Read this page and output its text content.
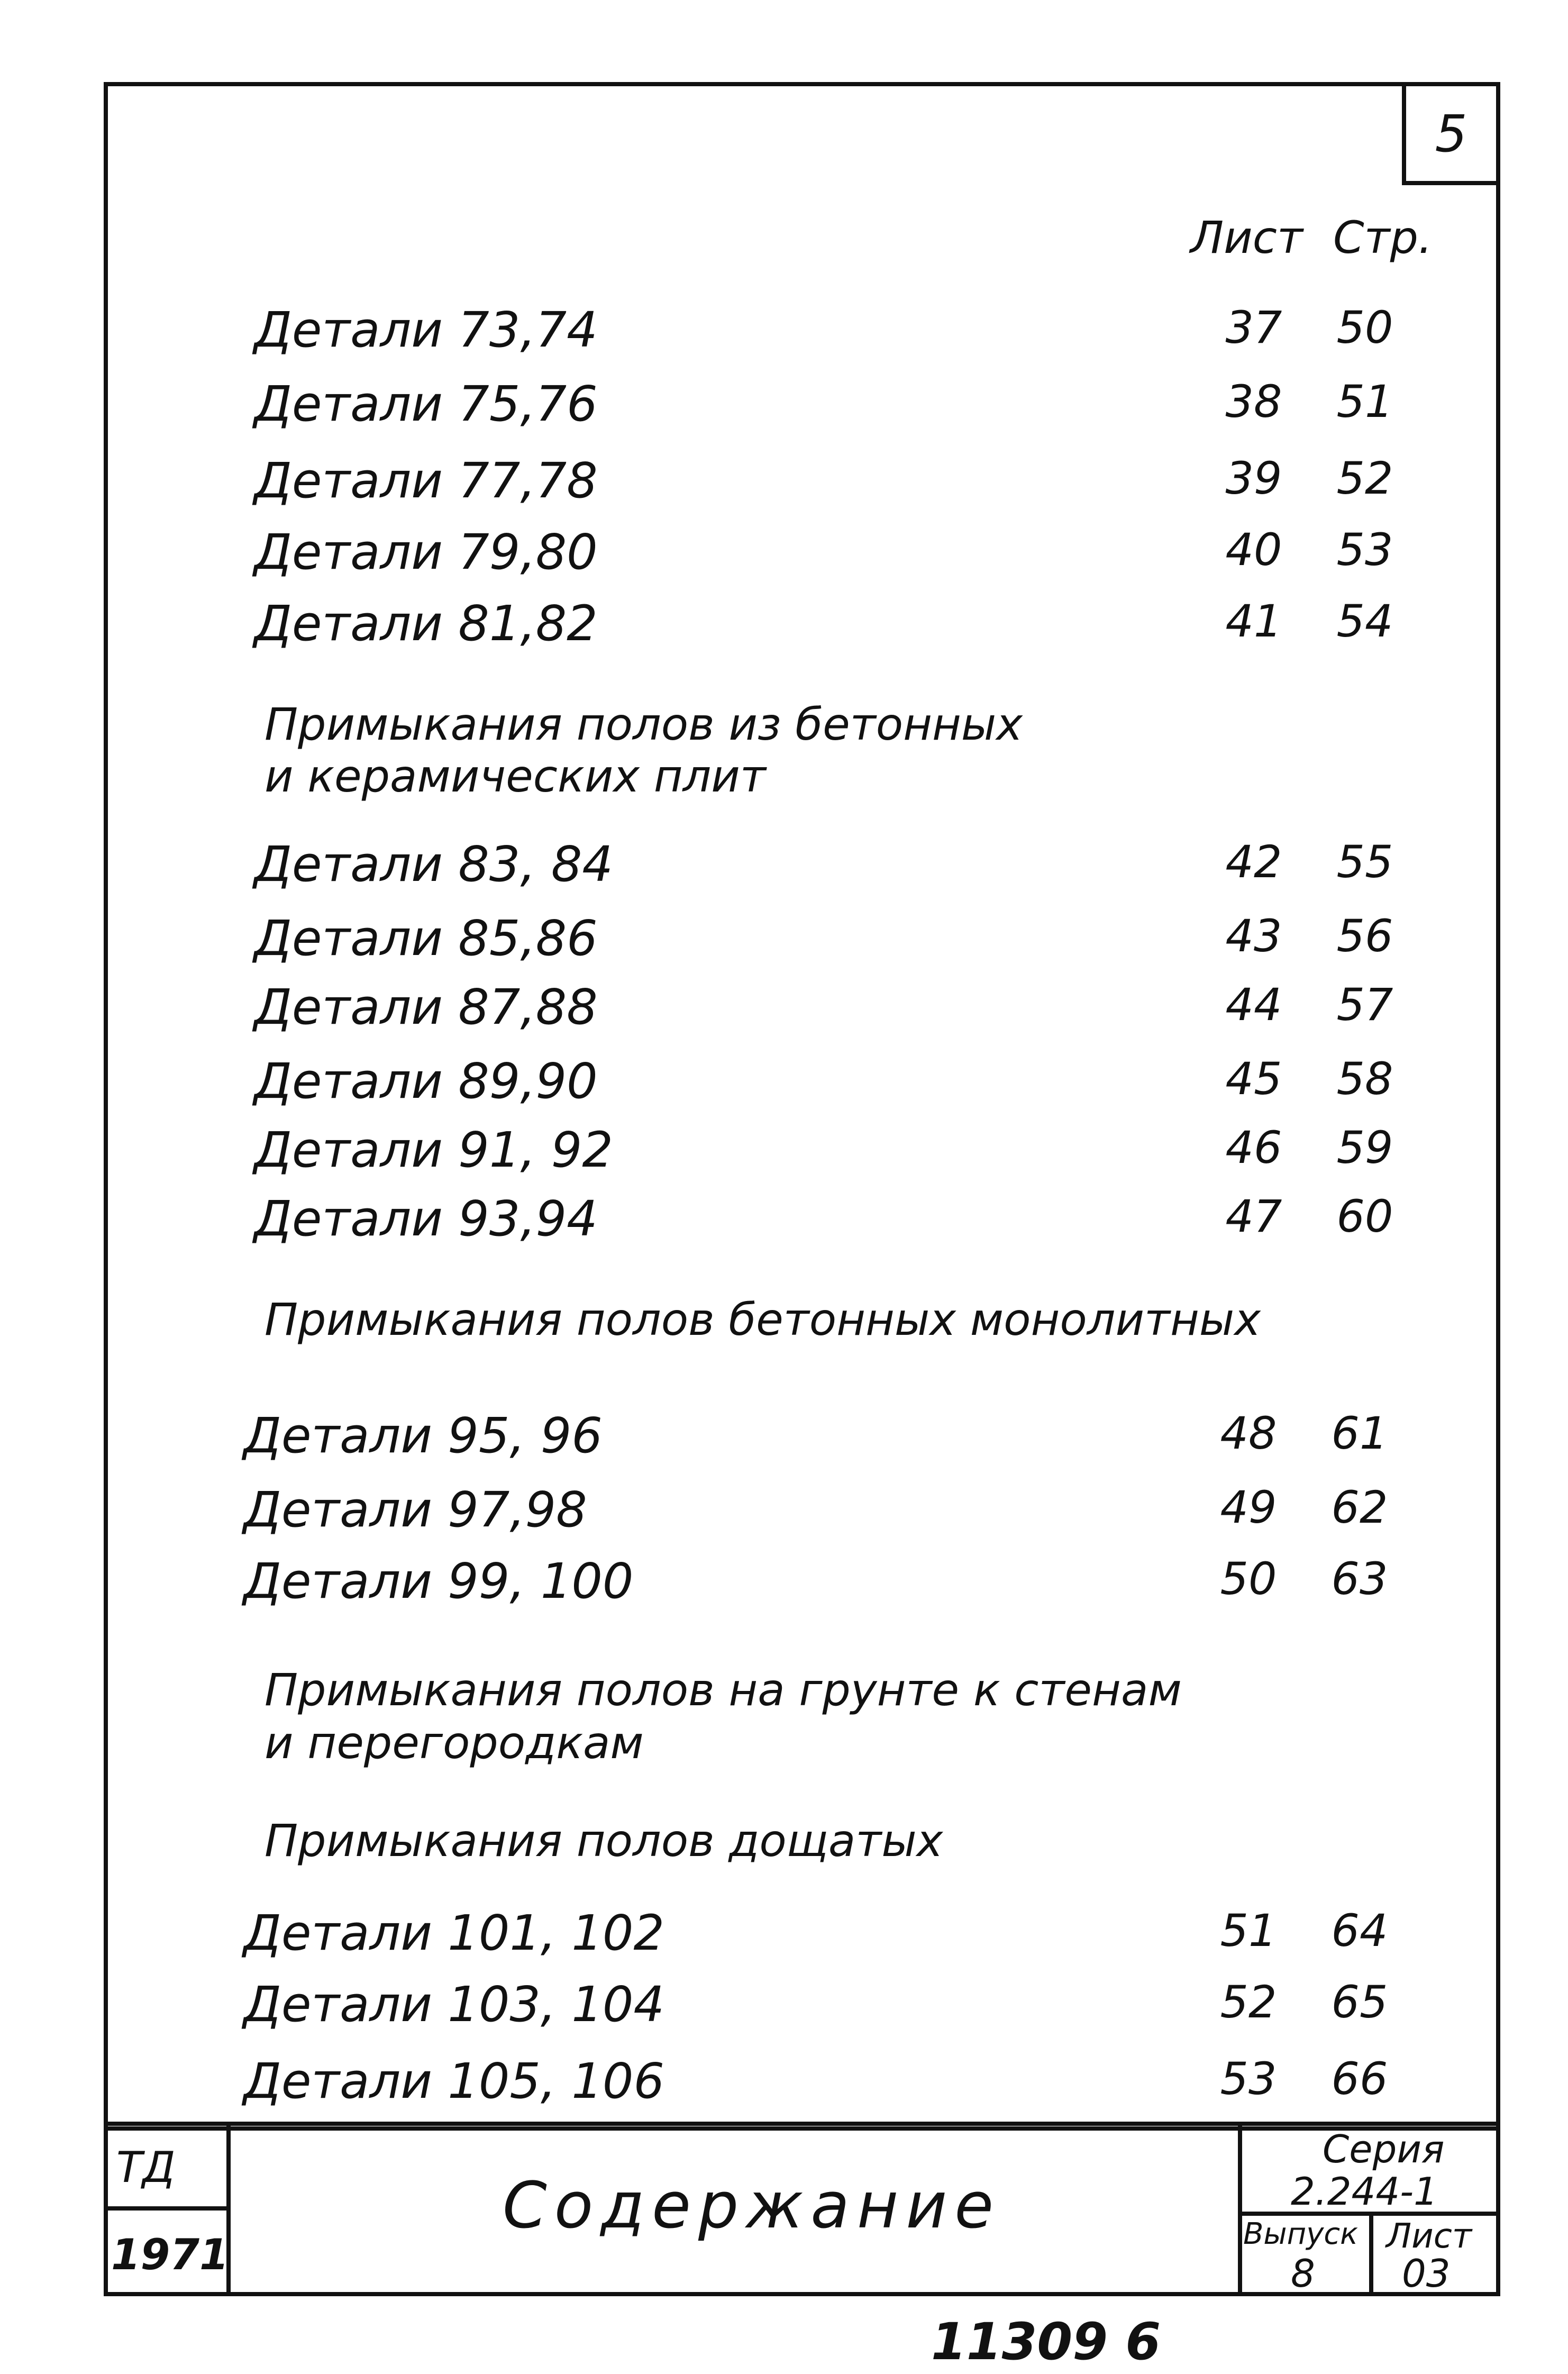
5
Лист Стр.
Детали 73,74	37	50
Детали 75,76	38	51
Детали 77,78	39	52
Детали 79,80	40	53
Детали 81,82	41	54
Примыкания полов из бетонных
и керамических плит
Детали 83, 84	42	55
Детали 85,86	43	56
Детали 87,88	44	57
Детали 89,90	45	58
Детали 91, 92	46	59
Детали 93,94	47	60
Примыкания полов бетонных монолитных
Детали 95, 96	48	61
Детали 97,98	49	62
Детали 99, 100	50	63
Примыкания полов на грунте к стенам
и перегородкам
Примыкания полов дощатых
Детали 101, 102	51	64
Детали 103, 104	52	65
Детали 105, 106	53	66
ТД
1971
Содержание
Серия
2.244-1
Выпуск
8
Лист
03
11309 6
